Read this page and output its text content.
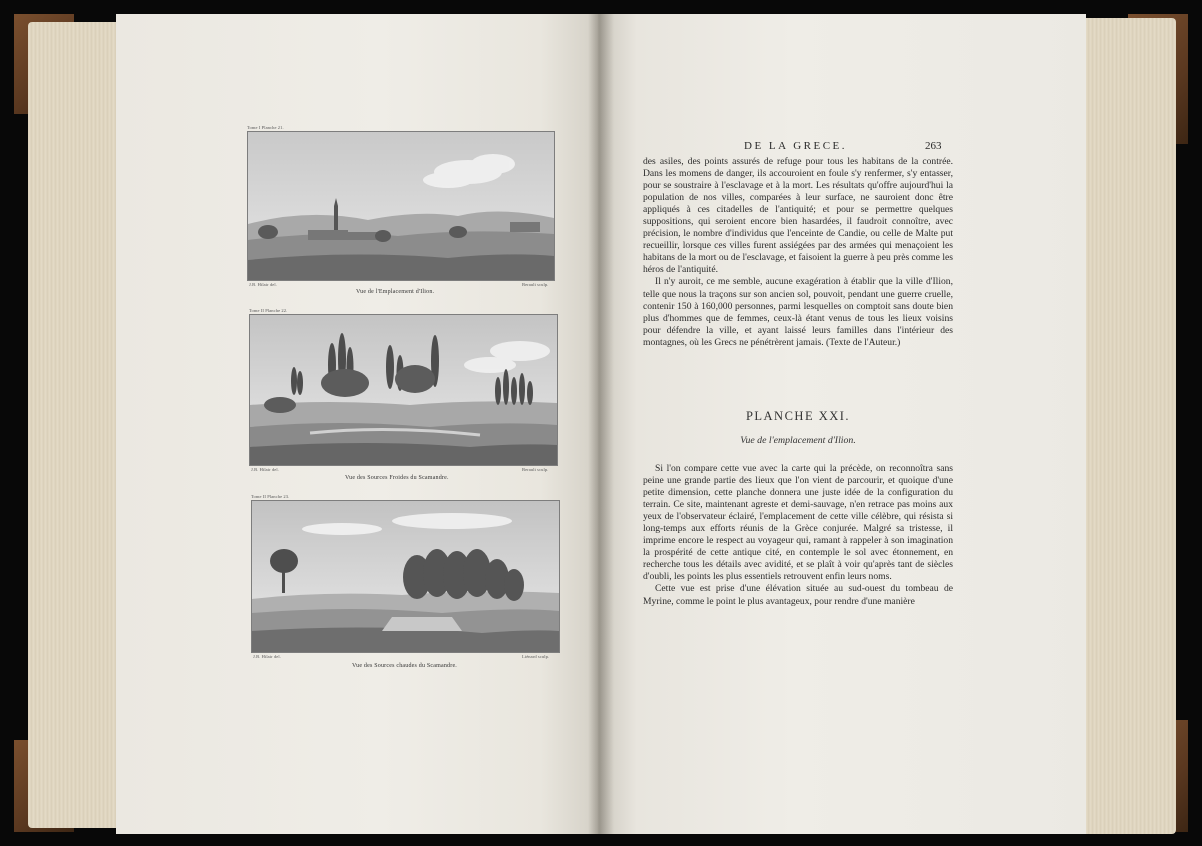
Tome I Planche 21.
J.B. Hilair del.	Berault sculp.
Vue de l'Emplacement d'Ilion.
Tome II Planche 22.
J.B. Hilair del.	Berault sculp.
Vue des Sources Froides du Scamandre.
Tome II Planche 23.
J.B. Hilair del.	Liénard sculp.
Vue des Sources chaudes du Scamandre.
DE LA GRECE.	263

des asiles, des points assurés de refuge pour tous les habitans de la contrée. Dans les momens de danger, ils accouroient en foule s'y renfermer, s'y entasser, pour se soustraire à l'esclavage et à la mort. Les résultats qu'offre aujourd'hui la population de nos villes, comparées à leur surface, ne sauroient donc être appliqués à ces citadelles de l'antiquité; et pour se permettre quelques suppositions, qui seroient encore bien hasardées, il faudroit connoître, avec précision, le nombre d'individus que l'enceinte de Candie, ou celle de Malte put recueillir, lorsque ces villes furent assiégées par des armées qui menaçoient les habitans de la mort ou de l'esclavage, et faisoient la guerre à peu près comme les héros de l'antiquité.

Il n'y auroit, ce me semble, aucune exagération à établir que la ville d'Ilion, telle que nous la traçons sur son ancien sol, pouvoit, pendant une guerre cruelle, contenir 150 à 160,000 personnes, parmi lesquelles on comptoit sans doute bien plus d'hommes que de femmes, ceux-là étant venus de tous les lieux voisins pour défendre la ville, et ayant laissé leurs familles dans l'intérieur des montagnes, où les Grecs ne pénétrèrent jamais. (Texte de l'Auteur.)

PLANCHE XXI.
Vue de l'emplacement d'Ilion.

Si l'on compare cette vue avec la carte qui la précède, on reconnoîtra sans peine une grande partie des lieux que l'on vient de parcourir, et quoique d'une petite dimension, cette planche donnera une juste idée de la configuration du terrain. Ce site, maintenant agreste et demi-sauvage, n'en retrace pas moins aux yeux de l'observateur éclairé, l'emplacement de cette ville célèbre, qui résista si long-temps aux efforts réunis de la Grèce conjurée. Malgré sa tristesse, il imprime encore le respect au voyageur qui, ramant à rappeler à son imagination la prospérité de cette antique cité, en contemple le sol avec étonnement, en recherche tous les détails avec avidité, et se plaît à voir qu'après tant de siècles d'oubli, les points les plus essentiels retrouvent enfin leurs noms.

Cette vue est prise d'une élévation située au sud-ouest du tombeau de Myrine, comme le point le plus avantageux, pour rendre d'une manière
